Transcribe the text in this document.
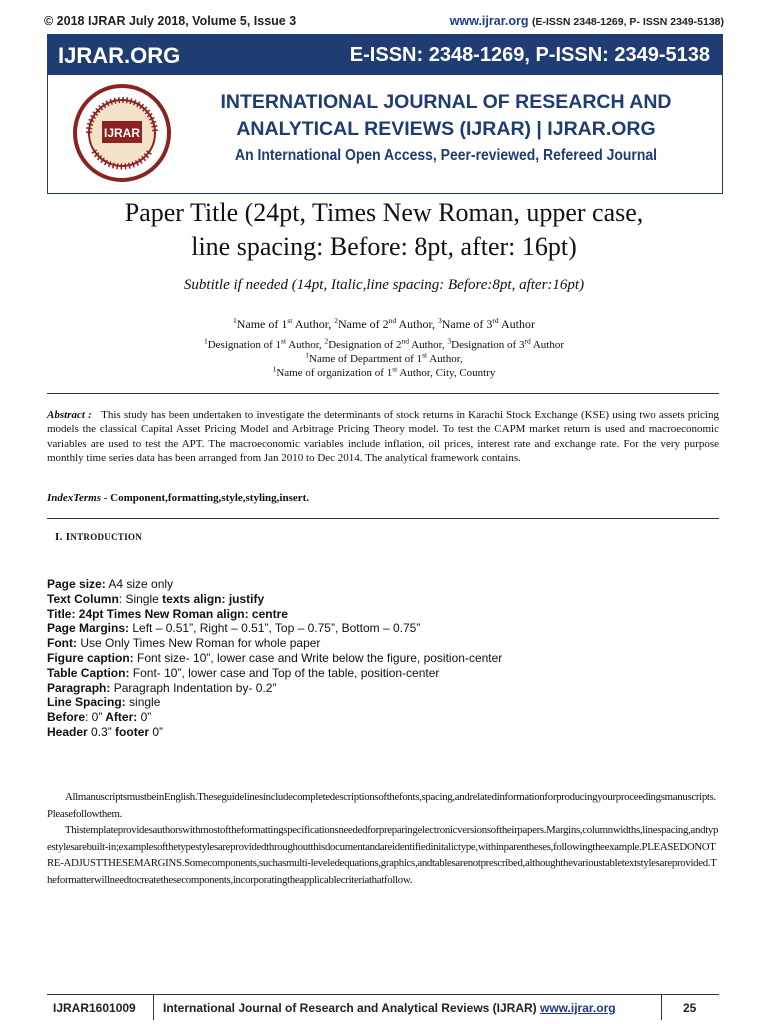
© 2018 IJRAR July 2018, Volume 5, Issue 3	www.ijrar.org (E-ISSN 2348-1269, P- ISSN 2349-5138)
IJRAR.ORG	E-ISSN: 2348-1269, P-ISSN: 2349-5138
IJRAR
INTERNATIONAL JOURNAL OF RESEARCH AND
ANALYTICAL REVIEWS (IJRAR) | IJRAR.ORG
An International Open Access, Peer-reviewed, Refereed Journal
Paper Title (24pt, Times New Roman, upper case,
line spacing: Before: 8pt, after: 16pt)
Subtitle if needed (14pt, Italic,line spacing: Before:8pt, after:16pt)
$^1$Name of 1st Author, $^2$Name of 2nd Author, $^3$Name of 3rd Author
$^1$Designation of 1st Author, $^2$Designation of 2nd Author, $^3$Designation of 3rd Author
$^1$Name of Department of 1st Author,
$^1$Name of organization of 1st Author, City, Country
Abstract : This study has been undertaken to investigate the determinants of stock returns in Karachi Stock Exchange (KSE) using two assets pricing models the classical Capital Asset Pricing Model and Arbitrage Pricing Theory model. To test the CAPM market return is used and macroeconomic variables are used to test the APT. The macroeconomic variables include inflation, oil prices, interest rate and exchange rate. For the very purpose monthly time series data has been arranged from Jan 2010 to Dec 2014. The analytical framework contains.
IndexTerms - Component,formatting,style,styling,insert.
I. INTRODUCTION
Page size: A4 size only
Text Column: Single texts align: justify
Title: 24pt Times New Roman align: centre
Page Margins: Left – 0.51”, Right – 0.51”, Top – 0.75”, Bottom – 0.75”
Font: Use Only Times New Roman for whole paper
Figure caption: Font size- 10”, lower case and Write below the figure, position-center
Table Caption: Font- 10”, lower case and Top of the table, position-center
Paragraph: Paragraph Indentation by- 0.2”
Line Spacing: single
Before: 0” After: 0”
Header 0.3” footer 0”

AllmanuscriptsmustbeinEnglish.Theseguidelinesincludecompletedescriptionsofthefonts,spacing,andrelatedinformationforproducingyourproceedingsmanuscripts.Pleasefollowthem.

Thistemplateprovidesauthorswithmostoftheformattingspecificationsneededforpreparingelectronicversionsoftheirpapers.Margins,columnwidths,linespacing,andtypestylesarebuilt-in;examplesofthetypestylesareprovidedthroughoutthisdocumentandareidentifiedinitalictype,withinparentheses,followingtheexample.PLEASEDONOTRE-ADJUSTTHESEMARGINS.Somecomponents,suchasmulti-leveledequations,graphics,andtablesarenotprescribed,althoughthevarioustabletextstylesareprovided.Theformatterwillneedtocreatethesecomponents,incorporatingtheapplicablecriteriathatfollow.

IJRAR1601009 International Journal of Research and Analytical Reviews (IJRAR) www.ijrar.org	25
